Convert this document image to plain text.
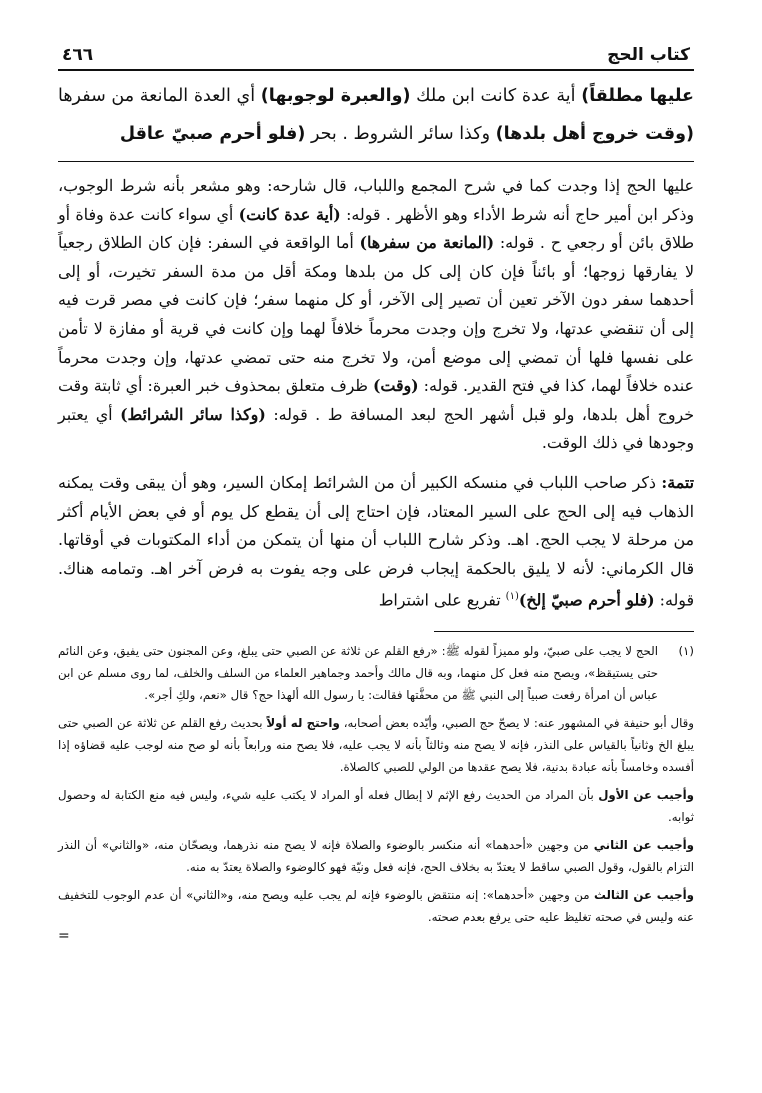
كتاب الحج
٤٦٦

عليها مطلقاً) أية عدة كانت ابن ملك (والعبرة لوجوبها) أي العدة المانعة من سفرها (وقت خروج أهل بلدها) وكذا سائر الشروط . بحر (فلو أحرم صبيّ عاقل

عليها الحج إذا وجدت كما في شرح المجمع واللباب، قال شارحه: وهو مشعر بأنه شرط الوجوب، وذكر ابن أمير حاج أنه شرط الأداء وهو الأظهر . قوله: (أية عدة كانت) أي سواء كانت عدة وفاة أو طلاق بائن أو رجعي ح . قوله: (المانعة من سفرها) أما الواقعة في السفر: فإن كان الطلاق رجعياً لا يفارقها زوجها؛ أو بائناً فإن كان إلى كل من بلدها ومكة أقل من مدة السفر تخيرت، أو إلى أحدهما سفر دون الآخر تعين أن تصير إلى الآخر، أو كل منهما سفر؛ فإن كانت في مصر قرت فيه إلى أن تنقضي عدتها، ولا تخرج وإن وجدت محرماً خلافاً لهما وإن كانت في قرية أو مفازة لا تأمن على نفسها فلها أن تمضي إلى موضع أمن، ولا تخرج منه حتى تمضي عدتها، وإن وجدت محرماً عنده خلافاً لهما، كذا في فتح القدير. قوله: (وقت) ظرف متعلق بمحذوف خبر العبرة: أي ثابتة وقت خروج أهل بلدها، ولو قبل أشهر الحج لبعد المسافة ط . قوله: (وكذا سائر الشرائط) أي يعتبر وجودها في ذلك الوقت.

تتمة: ذكر صاحب اللباب في منسكه الكبير أن من الشرائط إمكان السير، وهو أن يبقى وقت يمكنه الذهاب فيه إلى الحج على السير المعتاد، فإن احتاج إلى أن يقطع كل يوم أو في بعض الأيام أكثر من مرحلة لا يجب الحج. اهـ. وذكر شارح اللباب أن منها أن يتمكن من أداء المكتوبات في أوقاتها. قال الكرماني: لأنه لا يليق بالحكمة إيجاب فرض على وجه يفوت به فرض آخر اهـ. وتمامه هناك. قوله: (فلو أحرم صبيّ إلخ)$^{(١)}$ تفريع على اشتراط

(١)
الحج لا يجب على صبيّ، ولو مميزاً لقوله ﷺ: «رفع القلم عن ثلاثة عن الصبي حتى يبلغ، وعن المجنون حتى يفيق، وعن النائم حتى يستيقظ»، ويصح منه فعل كل منهما، وبه قال مالك وأحمد وجماهير العلماء من السلف والخلف، لما روى مسلم عن ابن عباس أن امرأة رفعت صبياً إلى النبي ﷺ من محفَّتها فقالت: يا رسول الله ألهذا حج؟ قال «نعم، ولكِ أجر».

وقال أبو حنيفة في المشهور عنه: لا يصحّ حج الصبي، وأيّده بعض أصحابه، واحتج له أولاً بحديث رفع القلم عن ثلاثة عن الصبي حتى يبلغ الخ وثانياً بالقياس على النذر، فإنه لا يصح منه وثالثاً بأنه لا يجب عليه، فلا يصح منه ورابعاً بأنه لو صح منه لوجب عليه قضاؤه إذا أفسده وخامساً بأنه عبادة بدنية، فلا يصح عقدها من الولي للصبي كالصلاة.

وأجيب عن الأول بأن المراد من الحديث رفع الإثم لا إبطال فعله أو المراد لا يكتب عليه شيء، وليس فيه منع الكتابة له وحصول ثوابه.

وأجيب عن الثاني من وجهين «أحدهما» أنه منكسر بالوضوء والصلاة فإنه لا يصح منه نذرهما، ويصحّان منه، «والثاني» أن النذر التزام بالقول، وقول الصبي ساقط لا يعتدّ به بخلاف الحج، فإنه فعل ونيّة فهو كالوضوء والصلاة يعتدّ به منه.

وأجيب عن الثالث من وجهين «أحدهما»: إنه منتقض بالوضوء فإنه لم يجب عليه ويصح منه، و«الثاني» أن عدم الوجوب للتخفيف عنه وليس في صحته تغليظ عليه حتى يرفع بعدم صحته.

=
